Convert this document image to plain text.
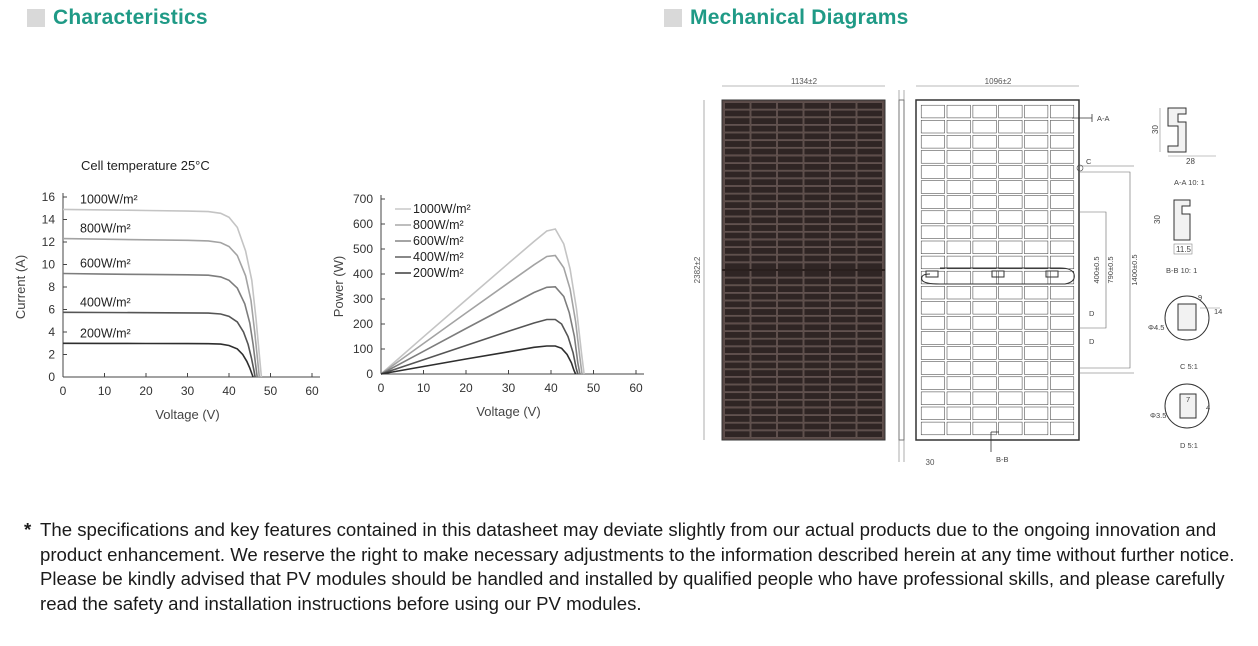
Characteristics	Mechanical Diagrams
0	10 20 30 40 50 60
0
2
4
6
8
10
12
14
16
Voltage (V)
Current (A)
1000W/m²
800W/m²
600W/m²
400W/m²
200W/m²
Cell temperature 25°C
0	10 20 30 40 50 60
0
100
200
300
400
500
600
700
Voltage (V)
Power (W)
1000W/m²
800W/m²
600W/m²
400W/m²
200W/m²
1134±2
2382±2
30
1096±2
A-A
C
D
D
B-B
400±0.5 790±0.5 1400±0.5
30
28
A-A 10: 1
30
11.5
B-B 10: 1
9
14
Φ4.5
C 5:1
7
4
Φ3.5
D 5:1
* The specifications and key features contained in this datasheet may deviate slightly from our actual products due to the ongoing innovation and product enhancement. We reserve the right to make necessary adjustments to the information described herein at any time without further notice.

Please be kindly advised that PV modules should be handled and installed by qualified people who have professional skills, and please carefully read the safety and installation instructions before using our PV modules.
